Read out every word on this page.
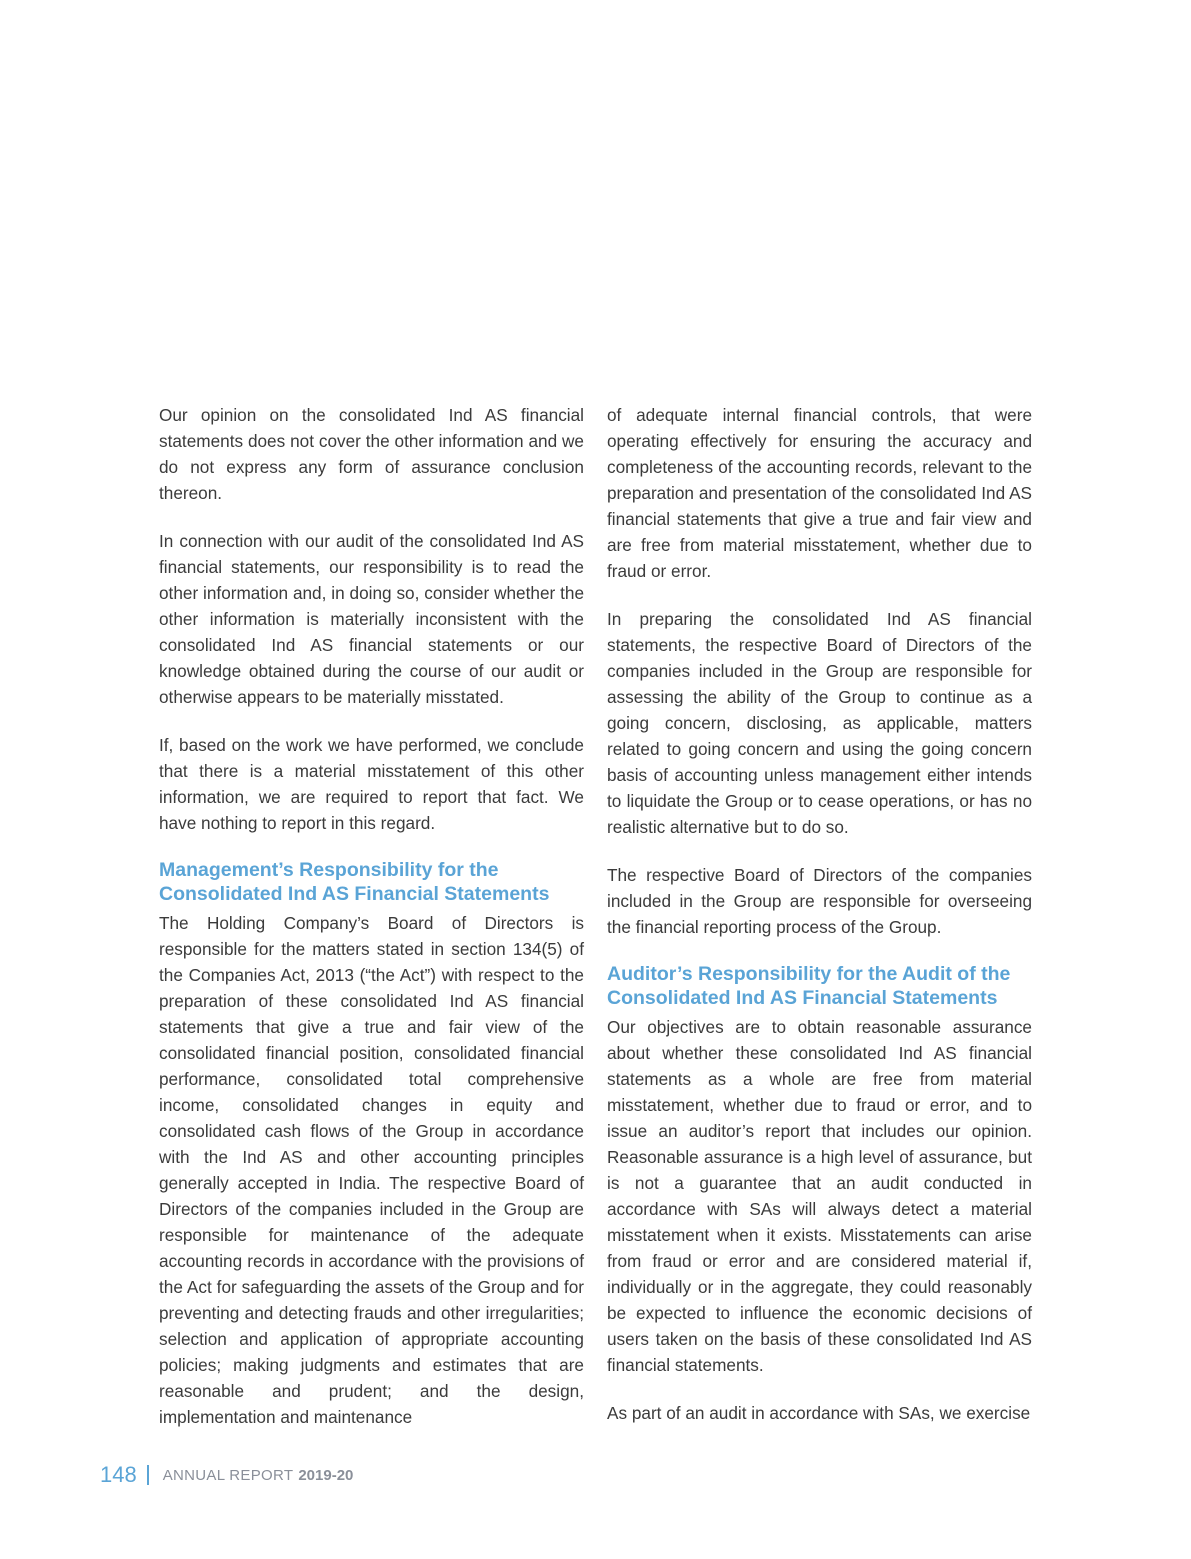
Our opinion on the consolidated Ind AS financial statements does not cover the other information and we do not express any form of assurance conclusion thereon.

In connection with our audit of the consolidated Ind AS financial statements, our responsibility is to read the other information and, in doing so, consider whether the other information is materially inconsistent with the consolidated Ind AS financial statements or our knowledge obtained during the course of our audit or otherwise appears to be materially misstated.

If, based on the work we have performed, we conclude that there is a material misstatement of this other information, we are required to report that fact. We have nothing to report in this regard.

Management’s Responsibility for the Consolidated Ind AS Financial Statements

The Holding Company’s Board of Directors is responsible for the matters stated in section 134(5) of the Companies Act, 2013 (“the Act”) with respect to the preparation of these consolidated Ind AS financial statements that give a true and fair view of the consolidated financial position, consolidated financial performance, consolidated total comprehensive income, consolidated changes in equity and consolidated cash flows of the Group in accordance with the Ind AS and other accounting principles generally accepted in India. The respective Board of Directors of the companies included in the Group are responsible for maintenance of the adequate accounting records in accordance with the provisions of the Act for safeguarding the assets of the Group and for preventing and detecting frauds and other irregularities; selection and application of appropriate accounting policies; making judgments and estimates that are reasonable and prudent; and the design, implementation and maintenance

of adequate internal financial controls, that were operating effectively for ensuring the accuracy and completeness of the accounting records, relevant to the preparation and presentation of the consolidated Ind AS financial statements that give a true and fair view and are free from material misstatement, whether due to fraud or error.

In preparing the consolidated Ind AS financial statements, the respective Board of Directors of the companies included in the Group are responsible for assessing the ability of the Group to continue as a going concern, disclosing, as applicable, matters related to going concern and using the going concern basis of accounting unless management either intends to liquidate the Group or to cease operations, or has no realistic alternative but to do so.

The respective Board of Directors of the companies included in the Group are responsible for overseeing the financial reporting process of the Group.

Auditor’s Responsibility for the Audit of the Consolidated Ind AS Financial Statements

Our objectives are to obtain reasonable assurance about whether these consolidated Ind AS financial statements as a whole are free from material misstatement, whether due to fraud or error, and to issue an auditor’s report that includes our opinion. Reasonable assurance is a high level of assurance, but is not a guarantee that an audit conducted in accordance with SAs will always detect a material misstatement when it exists. Misstatements can arise from fraud or error and are considered material if, individually or in the aggregate, they could reasonably be expected to influence the economic decisions of users taken on the basis of these consolidated Ind AS financial statements.

As part of an audit in accordance with SAs, we exercise

148 ANNUAL REPORT 2019-20
